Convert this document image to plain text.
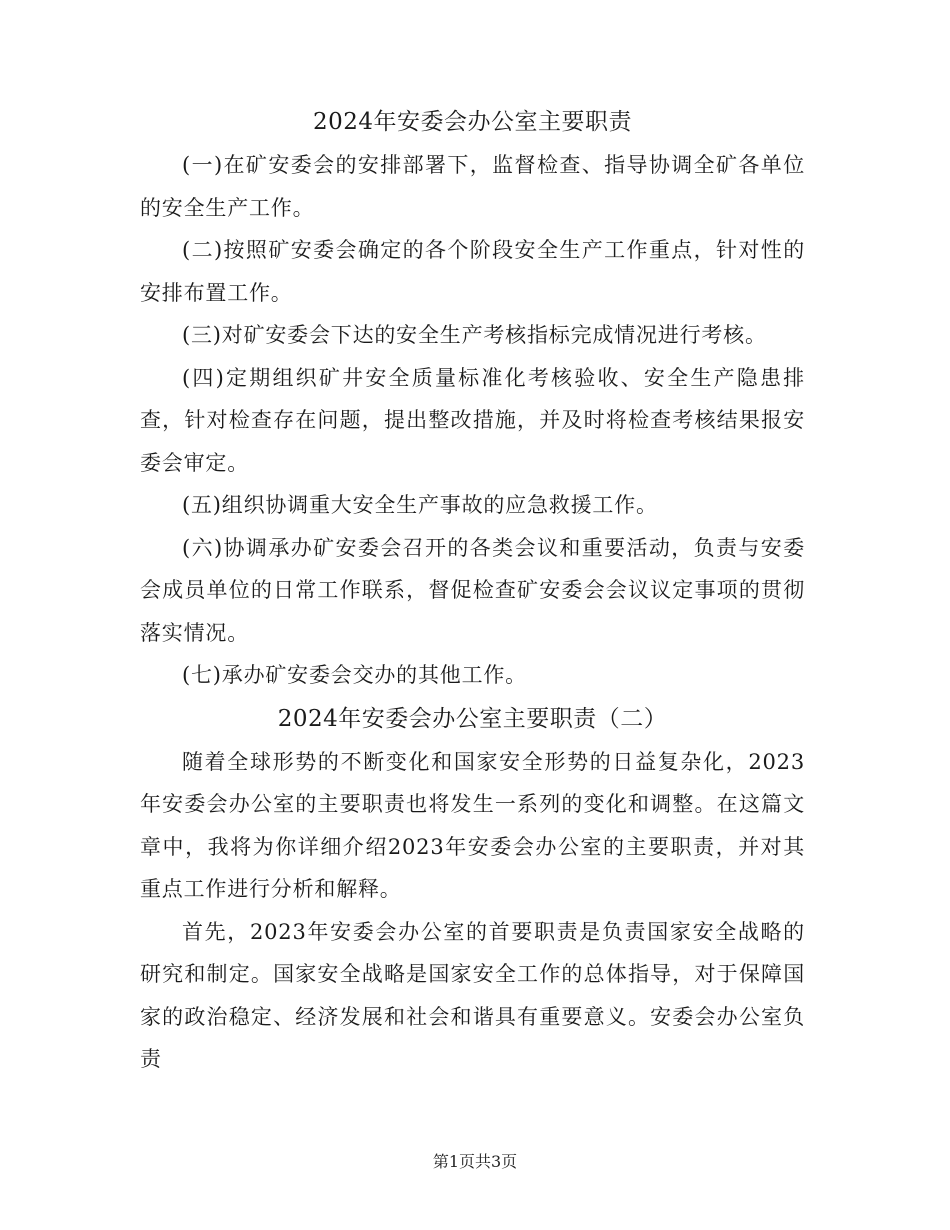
2024年安委会办公室主要职责

(一)在矿安委会的安排部署下，监督检查、指导协调全矿各单位的安全生产工作。

(二)按照矿安委会确定的各个阶段安全生产工作重点，针对性的安排布置工作。

(三)对矿安委会下达的安全生产考核指标完成情况进行考核。

(四)定期组织矿井安全质量标准化考核验收、安全生产隐患排查，针对检查存在问题，提出整改措施，并及时将检查考核结果报安委会审定。

(五)组织协调重大安全生产事故的应急救援工作。

(六)协调承办矿安委会召开的各类会议和重要活动，负责与安委会成员单位的日常工作联系，督促检查矿安委会会议议定事项的贯彻落实情况。

(七)承办矿安委会交办的其他工作。

2024年安委会办公室主要职责（二）

随着全球形势的不断变化和国家安全形势的日益复杂化，2023年安委会办公室的主要职责也将发生一系列的变化和调整。在这篇文章中，我将为你详细介绍2023年安委会办公室的主要职责，并对其重点工作进行分析和解释。

首先，2023年安委会办公室的首要职责是负责国家安全战略的研究和制定。国家安全战略是国家安全工作的总体指导，对于保障国家的政治稳定、经济发展和社会和谐具有重要意义。安委会办公室负责

第1页共3页
